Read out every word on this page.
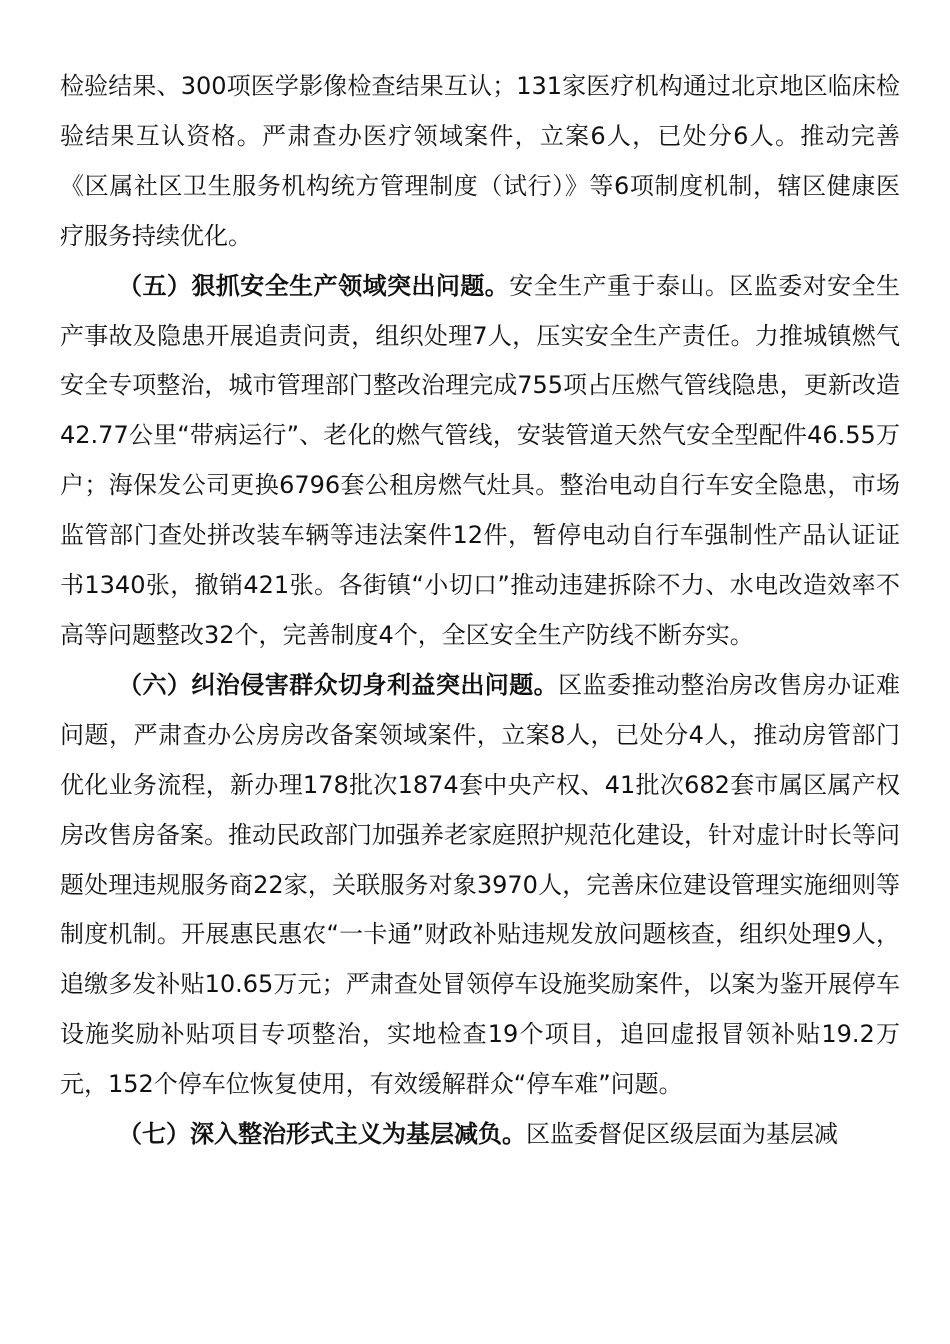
检验结果、300项医学影像检查结果互认；131家医疗机构通过北京地区临床检验结果互认资格。严肃查办医疗领域案件，立案6人，已处分6人。推动完善《区属社区卫生服务机构统方管理制度（试行）》等6项制度机制，辖区健康医疗服务持续优化。

（五）狠抓安全生产领域突出问题。安全生产重于泰山。区监委对安全生产事故及隐患开展追责问责，组织处理7人，压实安全生产责任。力推城镇燃气安全专项整治，城市管理部门整改治理完成755项占压燃气管线隐患，更新改造42.77公里“带病运行”、老化的燃气管线，安装管道天然气安全型配件46.55万户；海保发公司更换6796套公租房燃气灶具。整治电动自行车安全隐患，市场监管部门查处拼改装车辆等违法案件12件，暂停电动自行车强制性产品认证证书1340张，撤销421张。各街镇“小切口”推动违建拆除不力、水电改造效率不高等问题整改32个，完善制度4个，全区安全生产防线不断夯实。

（六）纠治侵害群众切身利益突出问题。区监委推动整治房改售房办证难问题，严肃查办公房房改备案领域案件，立案8人，已处分4人，推动房管部门优化业务流程，新办理178批次1874套中央产权、41批次682套市属区属产权房改售房备案。推动民政部门加强养老家庭照护规范化建设，针对虚计时长等问题处理违规服务商22家，关联服务对象3970人，完善床位建设管理实施细则等制度机制。开展惠民惠农“一卡通”财政补贴违规发放问题核查，组织处理9人，追缴多发补贴10.65万元；严肃查处冒领停车设施奖励案件，以案为鉴开展停车设施奖励补贴项目专项整治，实地检查19个项目，追回虚报冒领补贴19.2万元，152个停车位恢复使用，有效缓解群众“停车难”问题。

（七）深入整治形式主义为基层减负。区监委督促区级层面为基层减
